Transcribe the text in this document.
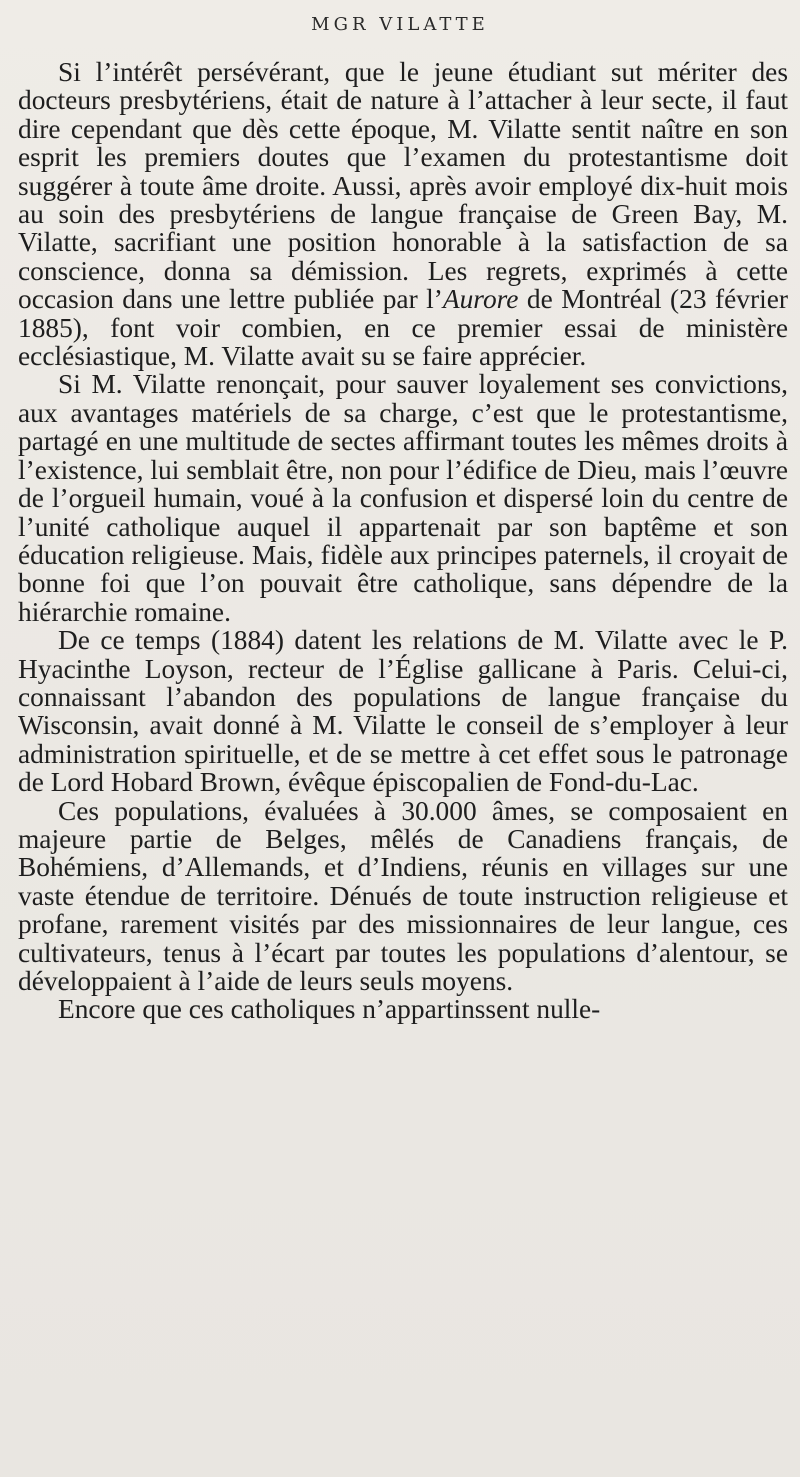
MGR VILATTE

Si l’intérêt persévérant, que le jeune étudiant sut mériter des docteurs presbytériens, était de nature à l’attacher à leur secte, il faut dire cependant que dès cette époque, M. Vilatte sentit naître en son esprit les premiers doutes que l’examen du protestantisme doit suggérer à toute âme droite. Aussi, après avoir employé dix-huit mois au soin des presbytériens de langue française de Green Bay, M. Vilatte, sacrifiant une position honorable à la satisfaction de sa conscience, donna sa démission. Les regrets, exprimés à cette occasion dans une lettre publiée par l’Aurore de Montréal (23 février 1885), font voir combien, en ce premier essai de ministère ecclésiastique, M. Vilatte avait su se faire apprécier.

Si M. Vilatte renonçait, pour sauver loyalement ses convictions, aux avantages matériels de sa charge, c’est que le protestantisme, partagé en une multitude de sectes affirmant toutes les mêmes droits à l’existence, lui semblait être, non pour l’édifice de Dieu, mais l’œuvre de l’orgueil humain, voué à la confusion et dispersé loin du centre de l’unité catholique auquel il appartenait par son baptême et son éducation religieuse. Mais, fidèle aux principes paternels, il croyait de bonne foi que l’on pouvait être catholique, sans dépendre de la hiérarchie romaine.

De ce temps (1884) datent les relations de M. Vilatte avec le P. Hyacinthe Loyson, recteur de l’Église gallicane à Paris. Celui-ci, connaissant l’abandon des populations de langue française du Wisconsin, avait donné à M. Vilatte le conseil de s’employer à leur administration spirituelle, et de se mettre à cet effet sous le patronage de Lord Hobard Brown, évêque épiscopalien de Fond-du-Lac.

Ces populations, évaluées à 30.000 âmes, se composaient en majeure partie de Belges, mêlés de Canadiens français, de Bohémiens, d’Allemands, et d’Indiens, réunis en villages sur une vaste étendue de territoire. Dénués de toute instruction religieuse et profane, rarement visités par des missionnaires de leur langue, ces cultivateurs, tenus à l’écart par toutes les populations d’alentour, se développaient à l’aide de leurs seuls moyens.

Encore que ces catholiques n’appartinssent nulle-
